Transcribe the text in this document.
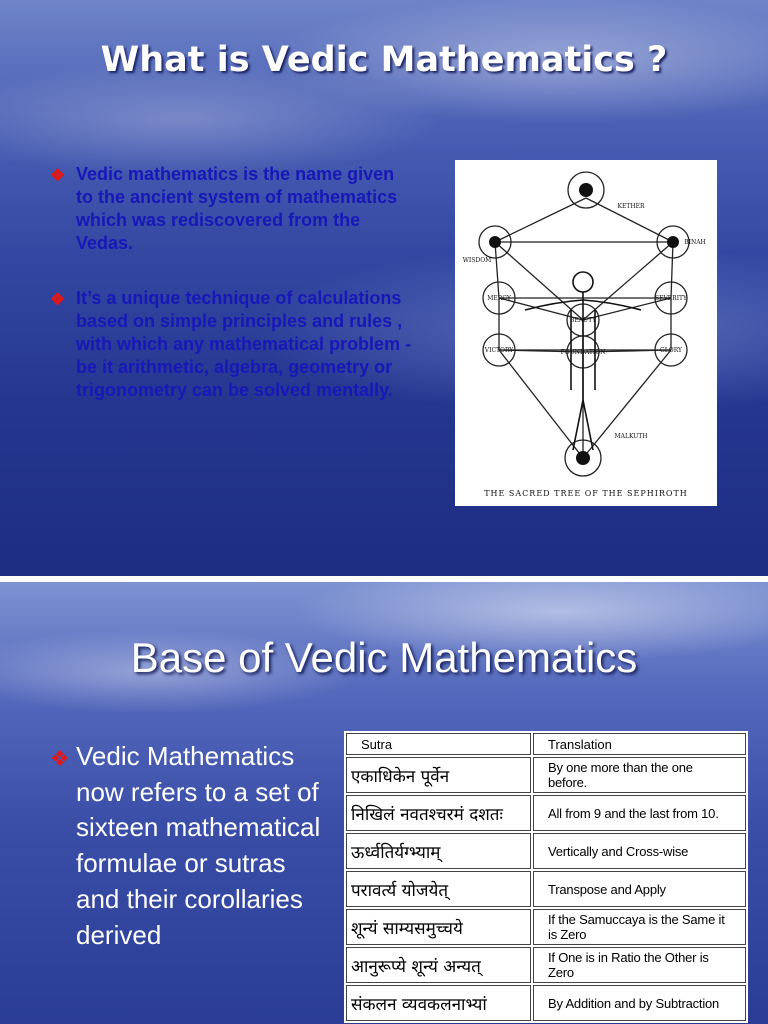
What is Vedic Mathematics ?
❖ Vedic mathematics is the name given to the ancient system of mathematics which was rediscovered from the Vedas.
❖ It’s a unique technique of calculations based on simple principles and rules , with which any mathematical problem - be it arithmetic, algebra, geometry or trigonometry can be solved mentally.
MERCY	SEVERITY
BEAUTY
VICTORY	GLORY
FOUNDATION
MALKUTH
KETHER
WISDOM
BINAH
THE SACRED TREE OF THE SEPHIROTH
Base of Vedic Mathematics
❖ Vedic Mathematics now refers to a set of sixteen mathematical formulae or sutras and their corollaries derived
Sutra	Translation
एकाधिकेन पूर्वेन	By one more than the one before.
निखिलं नवतश्चरमं दशतः	All from 9 and the last from 10.
ऊर्ध्वतिर्यग्भ्याम्	Vertically and Cross-wise
परावर्त्य योजयेत्	Transpose and Apply
शून्यं साम्यसमुच्चये	If the Samuccaya is the Same it is Zero
आनुरूप्ये शून्यं अन्यत्	If One is in Ratio the Other is Zero
संकलन व्यवकलनाभ्यां	By Addition and by Subtraction
